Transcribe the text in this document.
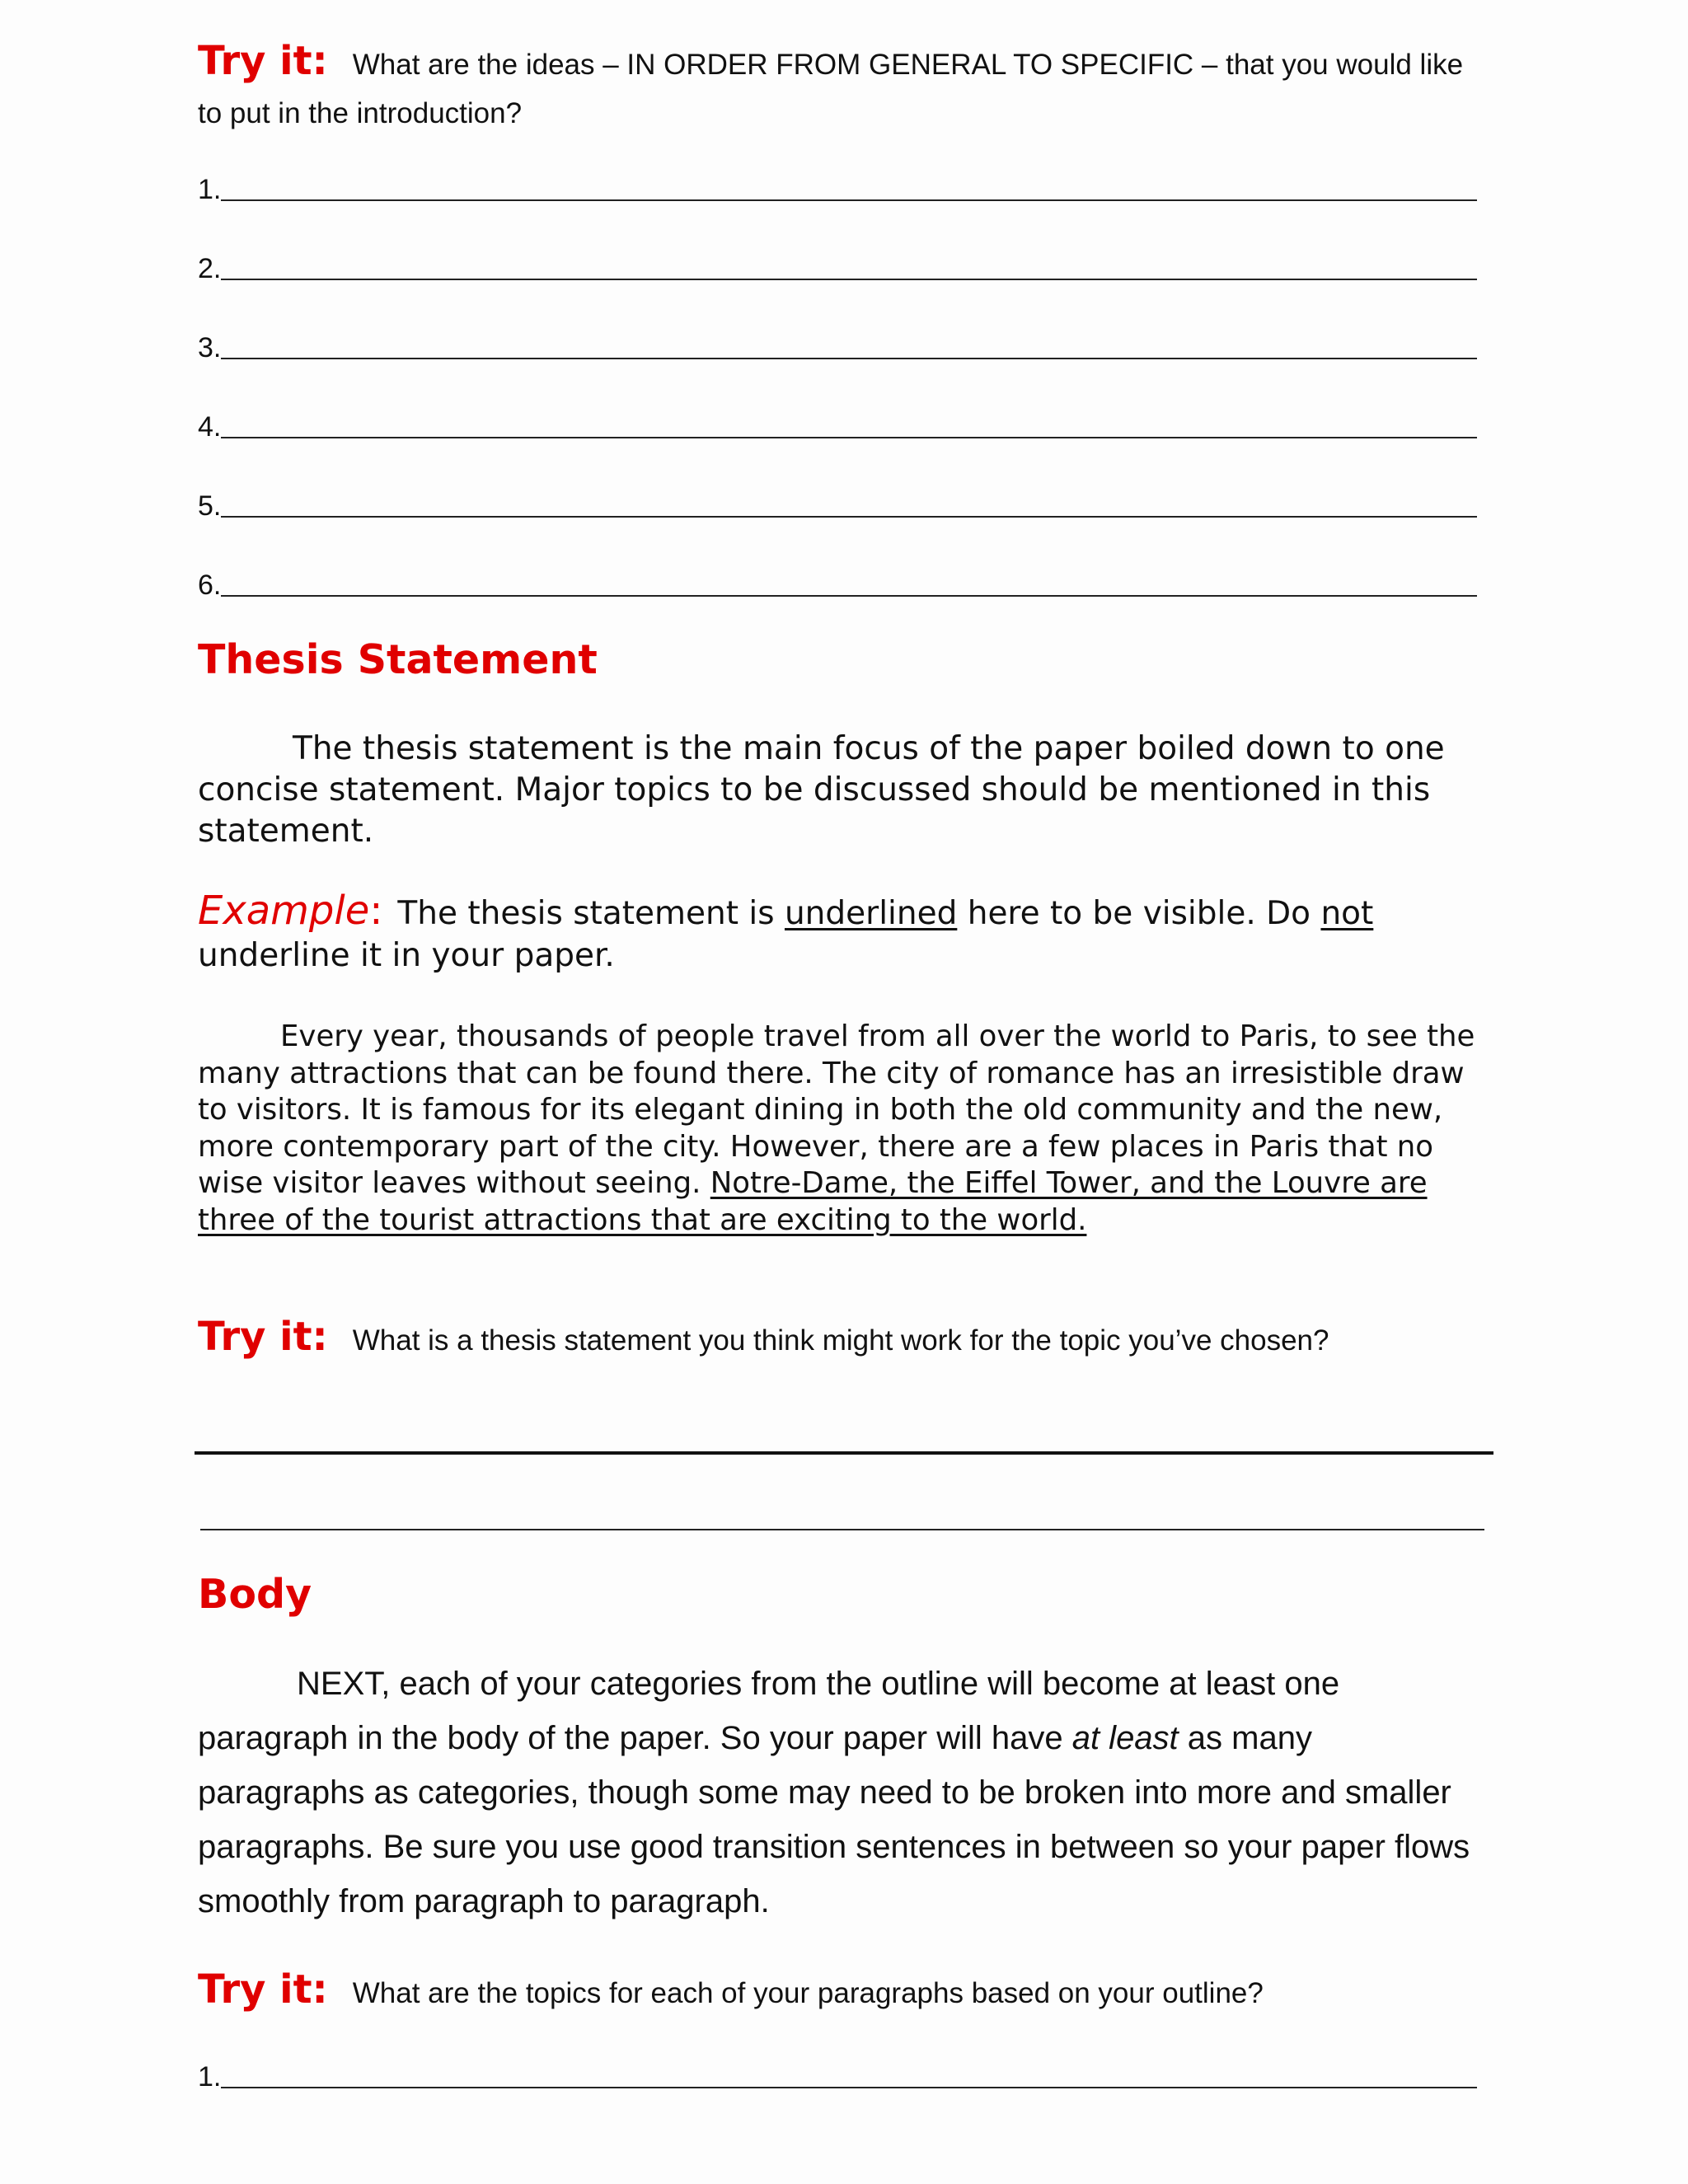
Try it: What are the ideas – IN ORDER FROM GENERAL TO SPECIFIC – that you would like to put in the introduction?
1.
2.
3.
4.
5.
6.
Thesis Statement

The thesis statement is the main focus of the paper boiled down to one concise statement. Major topics to be discussed should be mentioned in this statement.

Example: The thesis statement is underlined here to be visible. Do not underline it in your paper.

Every year, thousands of people travel from all over the world to Paris, to see the many attractions that can be found there. The city of romance has an irresistible draw to visitors. It is famous for its elegant dining in both the old community and the new, more contemporary part of the city. However, there are a few places in Paris that no wise visitor leaves without seeing. Notre-Dame, the Eiffel Tower, and the Louvre are three of the tourist attractions that are exciting to the world.

Try it: What is a thesis statement you think might work for the topic you’ve chosen?
Body

NEXT, each of your categories from the outline will become at least one paragraph in the body of the paper. So your paper will have at least as many paragraphs as categories, though some may need to be broken into more and smaller paragraphs. Be sure you use good transition sentences in between so your paper flows smoothly from paragraph to paragraph.

Try it: What are the topics for each of your paragraphs based on your outline?
1.
